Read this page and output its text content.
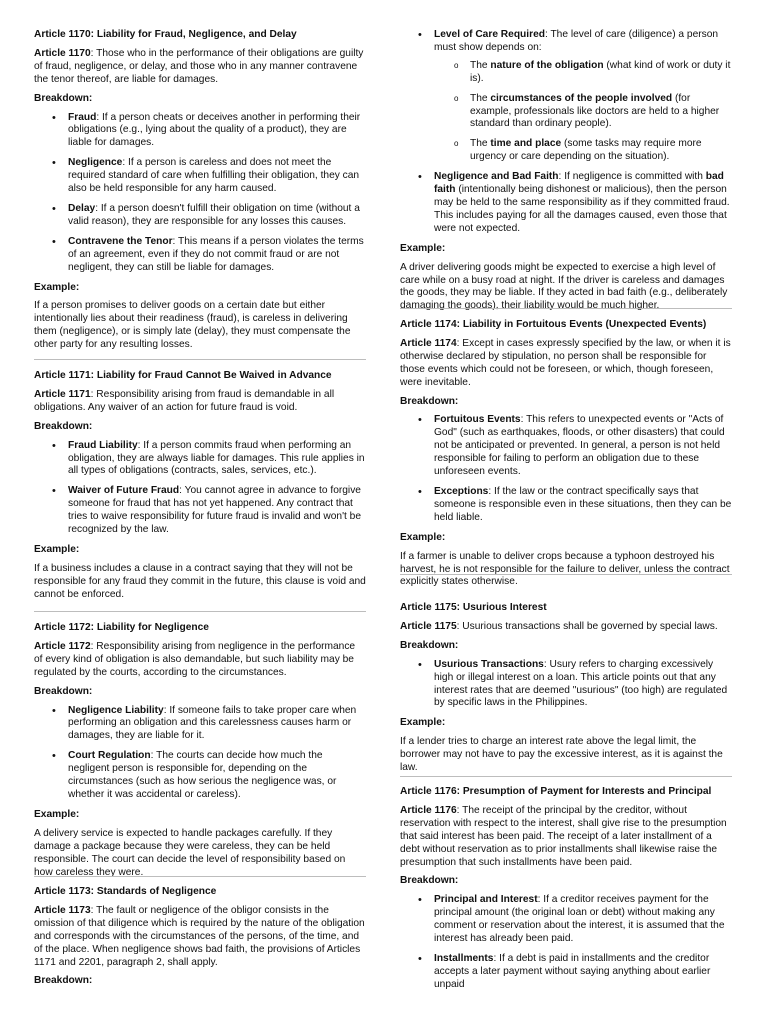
Article 1170: Liability for Fraud, Negligence, and Delay

Article 1170: Those who in the performance of their obligations are guilty of fraud, negligence, or delay, and those who in any manner contravene the tenor thereof, are liable for damages.

Breakdown:

• Fraud: If a person cheats or deceives another in performing their obligations (e.g., lying about the quality of a product), they are liable for damages.
• Negligence: If a person is careless and does not meet the required standard of care when fulfilling their obligation, they can also be held responsible for any harm caused.
• Delay: If a person doesn't fulfill their obligation on time (without a valid reason), they are responsible for any losses this causes.
• Contravene the Tenor: This means if a person violates the terms of an agreement, even if they do not commit fraud or are not negligent, they can still be liable for damages.

Example:

If a person promises to deliver goods on a certain date but either intentionally lies about their readiness (fraud), is careless in delivering them (negligence), or is simply late (delay), they must compensate the other party for any resulting losses.

Article 1171: Liability for Fraud Cannot Be Waived in Advance

Article 1171: Responsibility arising from fraud is demandable in all obligations. Any waiver of an action for future fraud is void.

Breakdown:

• Fraud Liability: If a person commits fraud when performing an obligation, they are always liable for damages. This rule applies in all types of obligations (contracts, sales, services, etc.).
• Waiver of Future Fraud: You cannot agree in advance to forgive someone for fraud that has not yet happened. Any contract that tries to waive responsibility for future fraud is invalid and won't be recognized by the law.

Example:

If a business includes a clause in a contract saying that they will not be responsible for any fraud they commit in the future, this clause is void and cannot be enforced.

Article 1172: Liability for Negligence

Article 1172: Responsibility arising from negligence in the performance of every kind of obligation is also demandable, but such liability may be regulated by the courts, according to the circumstances.

Breakdown:

• Negligence Liability: If someone fails to take proper care when performing an obligation and this carelessness causes harm or damages, they are liable for it.
• Court Regulation: The courts can decide how much the negligent person is responsible for, depending on the circumstances (such as how serious the negligence was, or whether it was accidental or careless).

Example:

A delivery service is expected to handle packages carefully. If they damage a package because they were careless, they can be held responsible. The court can decide the level of responsibility based on how careless they were.

Article 1173: Standards of Negligence

Article 1173: The fault or negligence of the obligor consists in the omission of that diligence which is required by the nature of the obligation and corresponds with the circumstances of the persons, of the time, and of the place. When negligence shows bad faith, the provisions of Articles 1171 and 2201, paragraph 2, shall apply.

Breakdown:

• Level of Care Required: The level of care (diligence) a person must show depends on:
o The nature of the obligation (what kind of work or duty it is).
o The circumstances of the people involved (for example, professionals like doctors are held to a higher standard than ordinary people).
o The time and place (some tasks may require more urgency or care depending on the situation).
• Negligence and Bad Faith: If negligence is committed with bad faith (intentionally being dishonest or malicious), then the person may be held to the same responsibility as if they committed fraud. This includes paying for all the damages caused, even those that were not expected.

Example:

A driver delivering goods might be expected to exercise a high level of care while on a busy road at night. If the driver is careless and damages the goods, they may be liable. If they acted in bad faith (e.g., deliberately damaging the goods), their liability would be much higher.

Article 1174: Liability in Fortuitous Events (Unexpected Events)

Article 1174: Except in cases expressly specified by the law, or when it is otherwise declared by stipulation, no person shall be responsible for those events which could not be foreseen, or which, though foreseen, were inevitable.

Breakdown:

• Fortuitous Events: This refers to unexpected events or "Acts of God" (such as earthquakes, floods, or other disasters) that could not be anticipated or prevented. In general, a person is not held responsible for failing to perform an obligation due to these unforeseen events.
• Exceptions: If the law or the contract specifically says that someone is responsible even in these situations, then they can be held liable.

Example:

If a farmer is unable to deliver crops because a typhoon destroyed his harvest, he is not responsible for the failure to deliver, unless the contract explicitly states otherwise.

Article 1175: Usurious Interest

Article 1175: Usurious transactions shall be governed by special laws.

Breakdown:

• Usurious Transactions: Usury refers to charging excessively high or illegal interest on a loan. This article points out that any interest rates that are deemed "usurious" (too high) are regulated by specific laws in the Philippines.

Example:

If a lender tries to charge an interest rate above the legal limit, the borrower may not have to pay the excessive interest, as it is against the law.

Article 1176: Presumption of Payment for Interests and Principal

Article 1176: The receipt of the principal by the creditor, without reservation with respect to the interest, shall give rise to the presumption that said interest has been paid. The receipt of a later installment of a debt without reservation as to prior installments shall likewise raise the presumption that such installments have been paid.

Breakdown:

• Principal and Interest: If a creditor receives payment for the principal amount (the original loan or debt) without making any comment or reservation about the interest, it is assumed that the interest has already been paid.
• Installments: If a debt is paid in installments and the creditor accepts a later payment without saying anything about earlier unpaid
